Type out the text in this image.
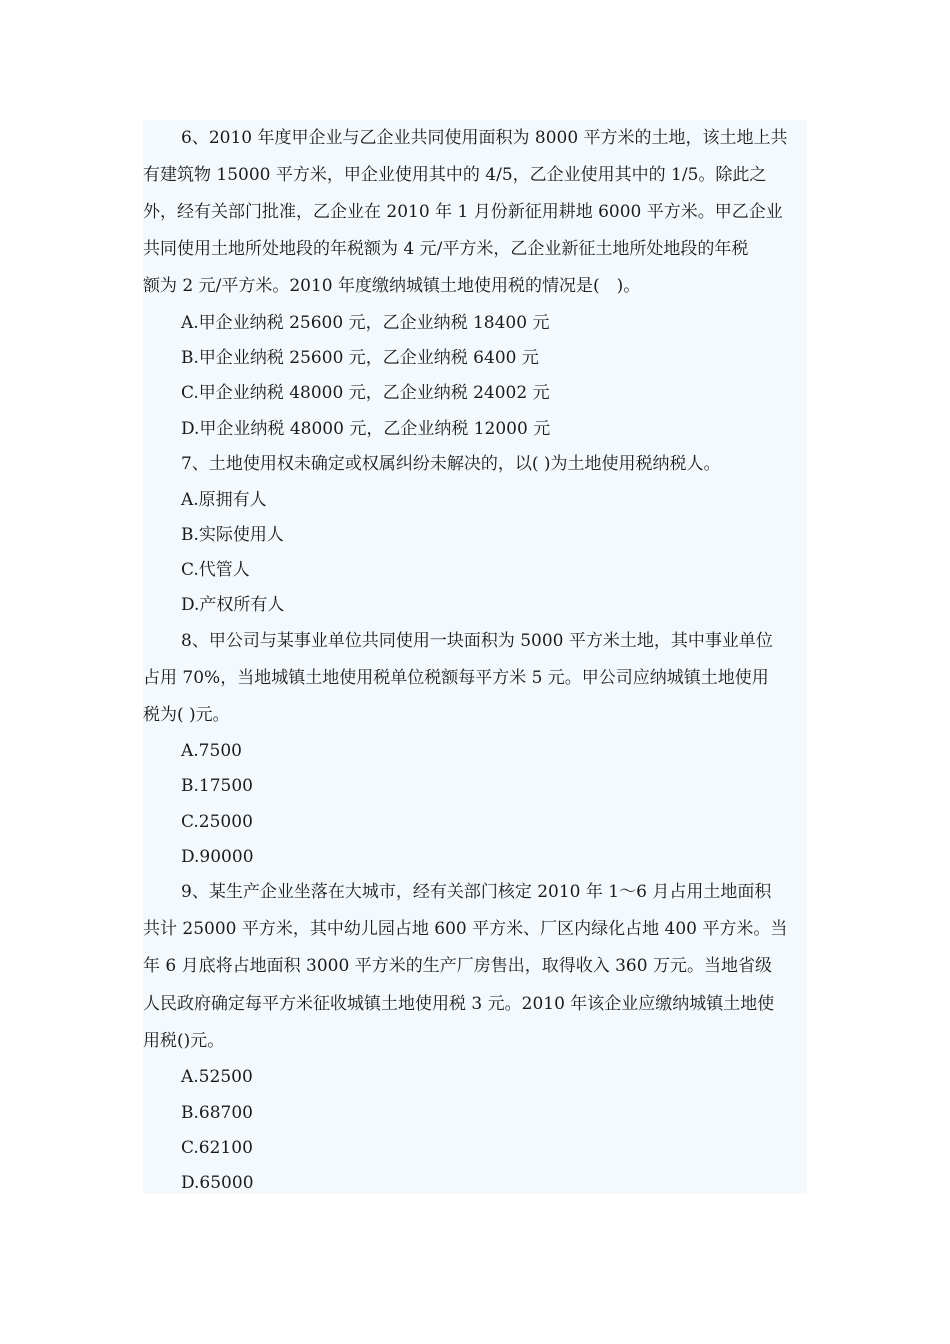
6、2010 年度甲企业与乙企业共同使用面积为 8000 平方米的土地，该土地上共
有建筑物 15000 平方米，甲企业使用其中的 4/5，乙企业使用其中的 1/5。除此之
外，经有关部门批准，乙企业在 2010 年 1 月份新征用耕地 6000 平方米。甲乙企业
共同使用土地所处地段的年税额为 4 元/平方米，乙企业新征土地所处地段的年税
额为 2 元/平方米。2010 年度缴纳城镇土地使用税的情况是(　)。
A.甲企业纳税 25600 元，乙企业纳税 18400 元
B.甲企业纳税 25600 元，乙企业纳税 6400 元
C.甲企业纳税 48000 元，乙企业纳税 24002 元
D.甲企业纳税 48000 元，乙企业纳税 12000 元
7、土地使用权未确定或权属纠纷未解决的，以( )为土地使用税纳税人。
A.原拥有人
B.实际使用人
C.代管人
D.产权所有人
8、甲公司与某事业单位共同使用一块面积为 5000 平方米土地，其中事业单位
占用 70%，当地城镇土地使用税单位税额每平方米 5 元。甲公司应纳城镇土地使用
税为( )元。
A.7500
B.17500
C.25000
D.90000
9、某生产企业坐落在大城市，经有关部门核定 2010 年 1～6 月占用土地面积
共计 25000 平方米，其中幼儿园占地 600 平方米、厂区内绿化占地 400 平方米。当
年 6 月底将占地面积 3000 平方米的生产厂房售出，取得收入 360 万元。当地省级
人民政府确定每平方米征收城镇土地使用税 3 元。2010 年该企业应缴纳城镇土地使
用税()元。
A.52500
B.68700
C.62100
D.65000
